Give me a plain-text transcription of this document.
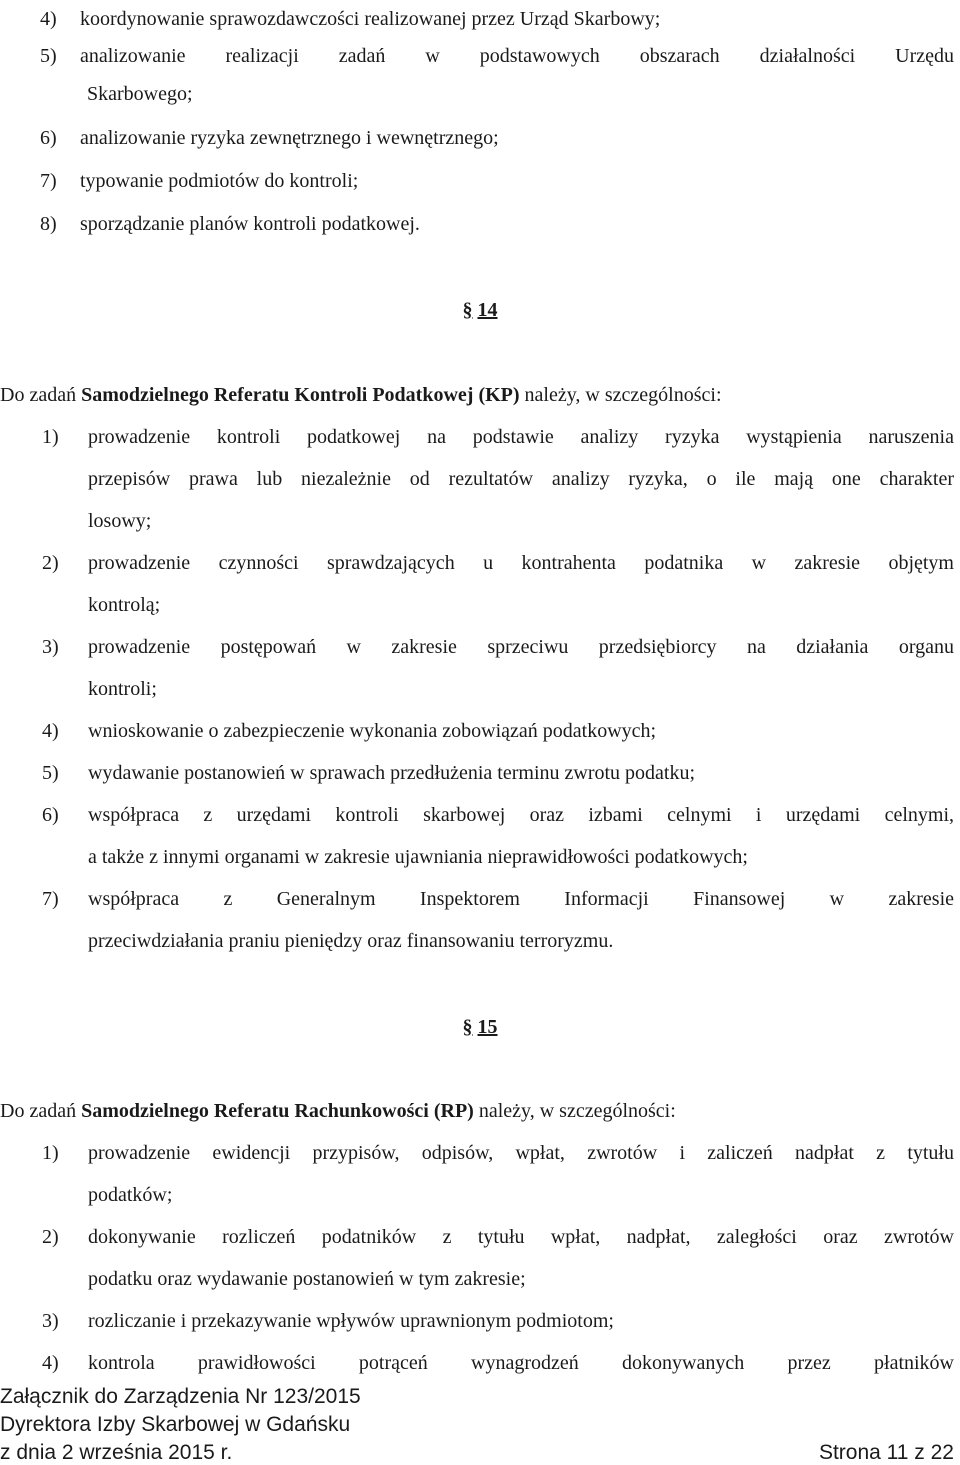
4) koordynowanie sprawozdawczości realizowanej przez Urząd Skarbowy;
5) analizowanie realizacji zadań w podstawowych obszarach działalności Urzędu
Skarbowego;
6) analizowanie ryzyka zewnętrznego i wewnętrznego;
7) typowanie podmiotów do kontroli;
8) sporządzanie planów kontroli podatkowej.
§ 14
Do zadań Samodzielnego Referatu Kontroli Podatkowej (KP) należy, w szczególności:
1) prowadzenie kontroli podatkowej na podstawie analizy ryzyka wystąpienia naruszenia
przepisów prawa lub niezależnie od rezultatów analizy ryzyka, o ile mają one charakter
losowy;
2) prowadzenie czynności sprawdzających u kontrahenta podatnika w zakresie objętym
kontrolą;
3) prowadzenie postępowań w zakresie sprzeciwu przedsiębiorcy na działania organu
kontroli;
4) wnioskowanie o zabezpieczenie wykonania zobowiązań podatkowych;
5) wydawanie postanowień w sprawach przedłużenia terminu zwrotu podatku;
6) współpraca z urzędami kontroli skarbowej oraz izbami celnymi i urzędami celnymi,
a także z innymi organami w zakresie ujawniania nieprawidłowości podatkowych;
7) współpraca z Generalnym Inspektorem Informacji Finansowej w zakresie
przeciwdziałania praniu pieniędzy oraz finansowaniu terroryzmu.
§ 15
Do zadań Samodzielnego Referatu Rachunkowości (RP) należy, w szczególności:
1) prowadzenie ewidencji przypisów, odpisów, wpłat, zwrotów i zaliczeń nadpłat z tytułu
podatków;
2) dokonywanie rozliczeń podatników z tytułu wpłat, nadpłat, zaległości oraz zwrotów
podatku oraz wydawanie postanowień w tym zakresie;
3) rozliczanie i przekazywanie wpływów uprawnionym podmiotom;
4) kontrola prawidłowości potrąceń wynagrodzeń dokonywanych przez płatników
Załącznik do Zarządzenia Nr 123/2015
Dyrektora Izby Skarbowej w Gdańsku
z dnia 2 września 2015 r.	Strona 11 z 22
